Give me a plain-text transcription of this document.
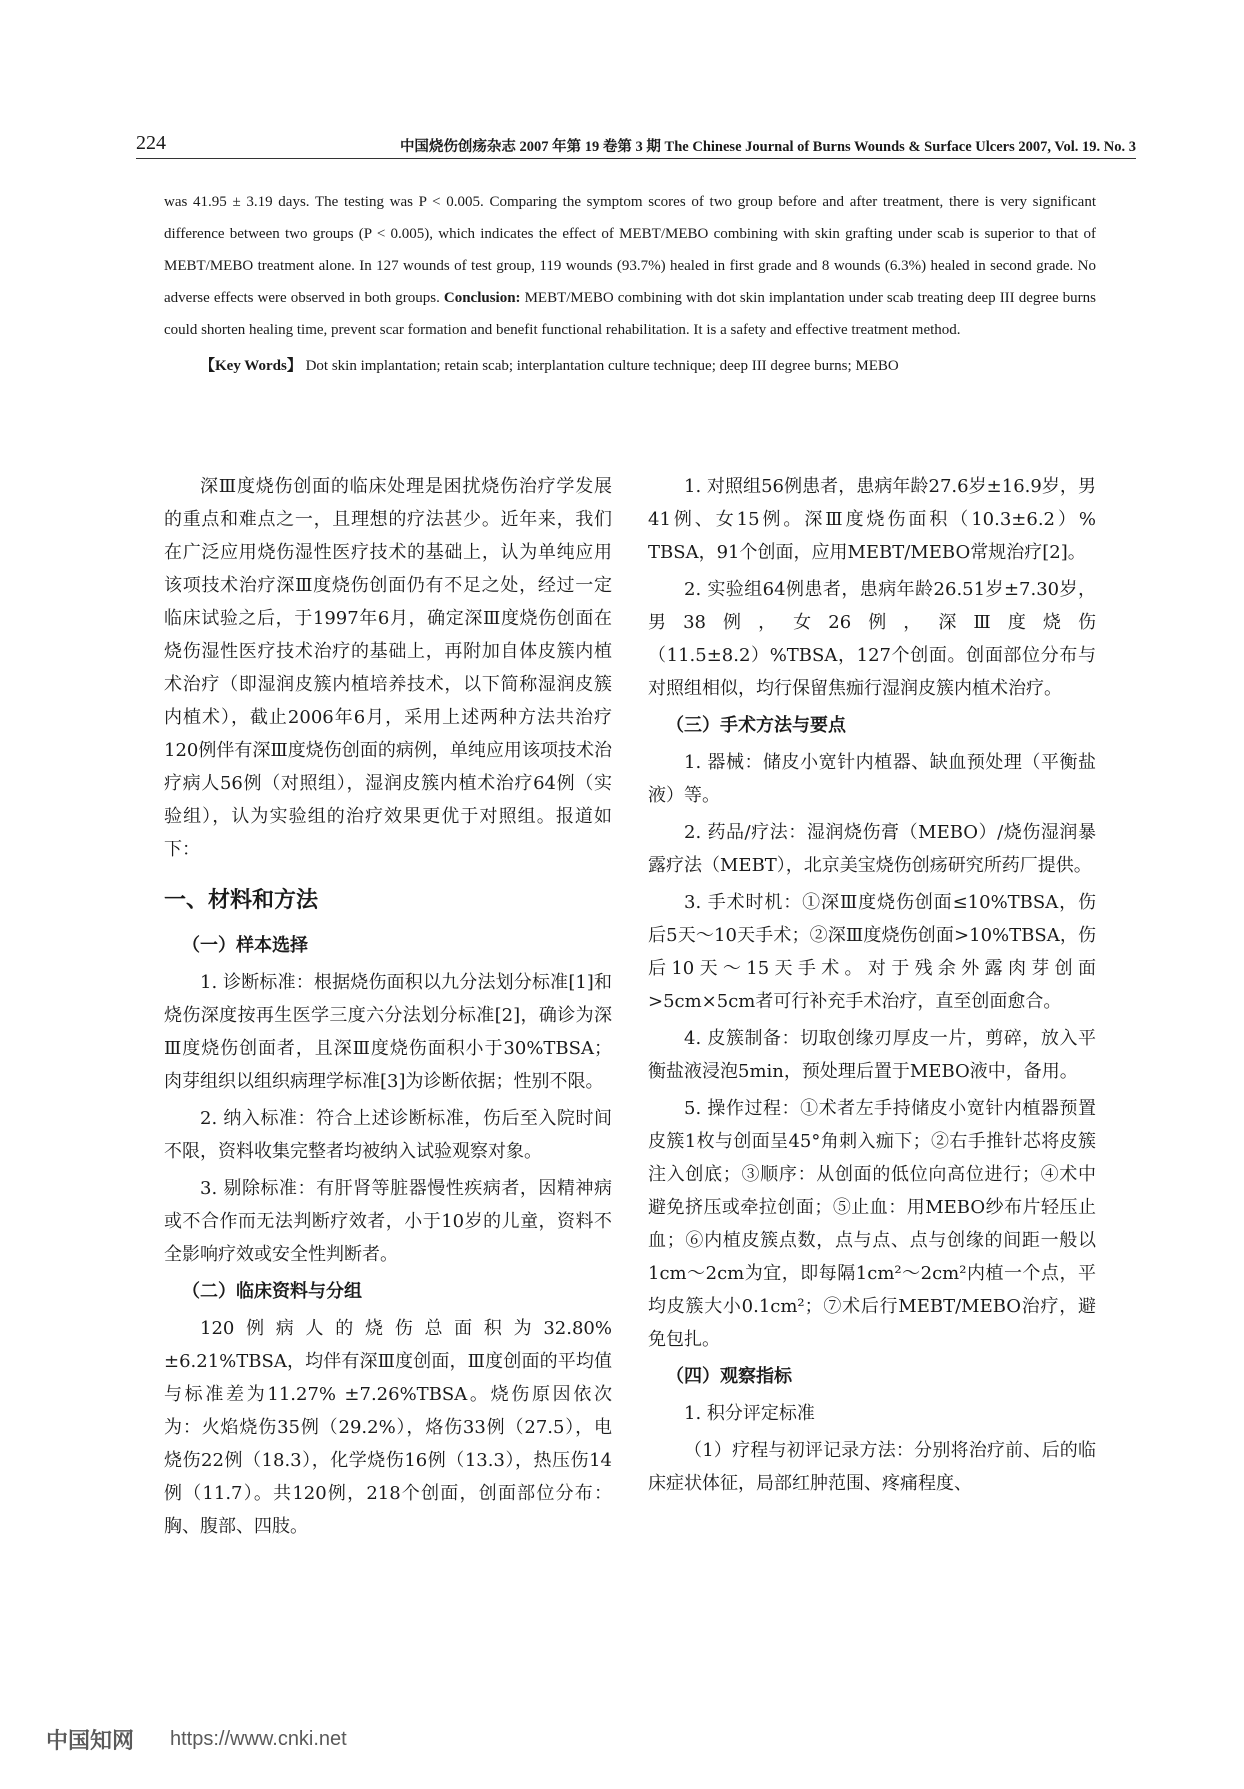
224	中国烧伤创疡杂志 2007 年第 19 卷第 3 期 The Chinese Journal of Burns Wounds & Surface Ulcers 2007, Vol. 19. No. 3

was 41.95 ± 3.19 days. The testing was P < 0.005. Comparing the symptom scores of two group before and after treatment, there is very significant difference between two groups (P < 0.005), which indicates the effect of MEBT/MEBO combining with skin grafting under scab is superior to that of MEBT/MEBO treatment alone. In 127 wounds of test group, 119 wounds (93.7%) healed in first grade and 8 wounds (6.3%) healed in second grade. No adverse effects were observed in both groups. Conclusion: MEBT/MEBO combining with dot skin implantation under scab treating deep III degree burns could shorten healing time, prevent scar formation and benefit functional rehabilitation. It is a safety and effective treatment method.

【Key Words】 Dot skin implantation; retain scab; interplantation culture technique; deep III degree burns; MEBO

深Ⅲ度烧伤创面的临床处理是困扰烧伤治疗学发展的重点和难点之一，且理想的疗法甚少。近年来，我们在广泛应用烧伤湿性医疗技术的基础上，认为单纯应用该项技术治疗深Ⅲ度烧伤创面仍有不足之处，经过一定临床试验之后，于1997年6月，确定深Ⅲ度烧伤创面在烧伤湿性医疗技术治疗的基础上，再附加自体皮簇内植术治疗（即湿润皮簇内植培养技术，以下简称湿润皮簇内植术），截止2006年6月，采用上述两种方法共治疗120例伴有深Ⅲ度烧伤创面的病例，单纯应用该项技术治疗病人56例（对照组），湿润皮簇内植术治疗64例（实验组），认为实验组的治疗效果更优于对照组。报道如下：

一、材料和方法
（一）样本选择

1. 诊断标准：根据烧伤面积以九分法划分标准[1]和烧伤深度按再生医学三度六分法划分标准[2]，确诊为深Ⅲ度烧伤创面者，且深Ⅲ度烧伤面积小于30%TBSA；肉芽组织以组织病理学标准[3]为诊断依据；性别不限。

2. 纳入标准：符合上述诊断标准，伤后至入院时间不限，资料收集完整者均被纳入试验观察对象。

3. 剔除标准：有肝肾等脏器慢性疾病者，因精神病或不合作而无法判断疗效者，小于10岁的儿童，资料不全影响疗效或安全性判断者。

（二）临床资料与分组

120例病人的烧伤总面积为32.80% ±6.21%TBSA，均伴有深Ⅲ度创面，Ⅲ度创面的平均值与标准差为11.27% ±7.26%TBSA。烧伤原因依次为：火焰烧伤35例（29.2%），烙伤33例（27.5），电烧伤22例（18.3），化学烧伤16例（13.3），热压伤14例（11.7）。共120例，218个创面，创面部位分布：胸、腹部、四肢。

1. 对照组56例患者，患病年龄27.6岁±16.9岁，男41例、女15例。深Ⅲ度烧伤面积（10.3±6.2）% TBSA，91个创面，应用MEBT/MEBO常规治疗[2]。

2. 实验组64例患者，患病年龄26.51岁±7.30岁，男38例，女26例，深Ⅲ度烧伤（11.5±8.2）%TBSA，127个创面。创面部位分布与对照组相似，均行保留焦痂行湿润皮簇内植术治疗。

（三）手术方法与要点

1. 器械：储皮小宽针内植器、缺血预处理（平衡盐液）等。

2. 药品/疗法：湿润烧伤膏（MEBO）/烧伤湿润暴露疗法（MEBT），北京美宝烧伤创疡研究所药厂提供。

3. 手术时机：①深Ⅲ度烧伤创面≤10%TBSA，伤后5天～10天手术；②深Ⅲ度烧伤创面>10%TBSA，伤后10天～15天手术。对于残余外露肉芽创面>5cm×5cm者可行补充手术治疗，直至创面愈合。

4. 皮簇制备：切取创缘刃厚皮一片，剪碎，放入平衡盐液浸泡5min，预处理后置于MEBO液中，备用。

5. 操作过程：①术者左手持储皮小宽针内植器预置皮簇1枚与创面呈45°角刺入痂下；②右手推针芯将皮簇注入创底；③顺序：从创面的低位向高位进行；④术中避免挤压或牵拉创面；⑤止血：用MEBO纱布片轻压止血；⑥内植皮簇点数，点与点、点与创缘的间距一般以1cm～2cm为宜，即每隔1cm²～2cm²内植一个点，平均皮簇大小0.1cm²；⑦术后行MEBT/MEBO治疗，避免包扎。

（四）观察指标

1. 积分评定标准

（1）疗程与初评记录方法：分别将治疗前、后的临床症状体征，局部红肿范围、疼痛程度、

中国知网 https://www.cnki.net
